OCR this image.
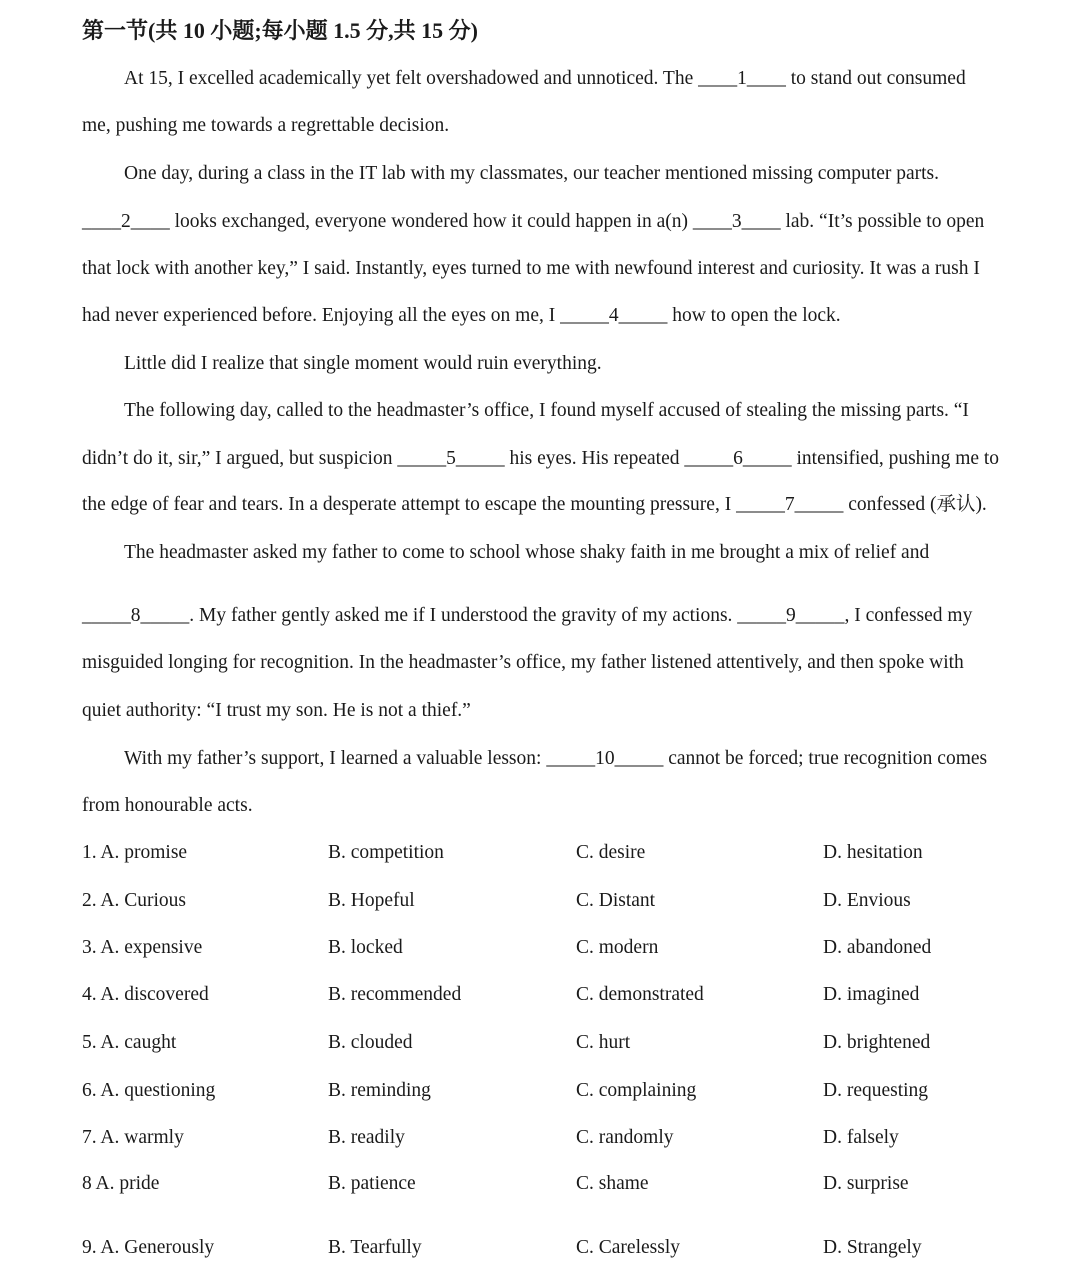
第一节(共 10 小题;每小题 1.5 分,共 15 分)
At 15, I excelled academically yet felt overshadowed and unnoticed. The ____1____ to stand out consumed
me, pushing me towards a regrettable decision.
One day, during a class in the IT lab with my classmates, our teacher mentioned missing computer parts.
____2____ looks exchanged, everyone wondered how it could happen in a(n) ____3____ lab. “It’s possible to open
that lock with another key,” I said. Instantly, eyes turned to me with newfound interest and curiosity. It was a rush I
had never experienced before. Enjoying all the eyes on me, I _____4_____ how to open the lock.
Little did I realize that single moment would ruin everything.
The following day, called to the headmaster’s office, I found myself accused of stealing the missing parts. “I
didn’t do it, sir,” I argued, but suspicion _____5_____ his eyes. His repeated _____6_____ intensified, pushing me to
the edge of fear and tears. In a desperate attempt to escape the mounting pressure, I _____7_____ confessed (承认).
The headmaster asked my father to come to school whose shaky faith in me brought a mix of relief and
_____8_____. My father gently asked me if I understood the gravity of my actions. _____9_____, I confessed my
misguided longing for recognition. In the headmaster’s office, my father listened attentively, and then spoke with
quiet authority: “I trust my son. He is not a thief.”
With my father’s support, I learned a valuable lesson: _____10_____ cannot be forced; true recognition comes
from honourable acts.
1. A. promise	B. competition	C. desire	D. hesitation
2. A. Curious	B. Hopeful	C. Distant	D. Envious
3. A. expensive	B. locked	C. modern	D. abandoned
4. A. discovered	B. recommended	C. demonstrated	D. imagined
5. A. caught	B. clouded	C. hurt	D. brightened
6. A. questioning	B. reminding	C. complaining	D. requesting
7. A. warmly	B. readily	C. randomly	D. falsely
8 A. pride	B. patience	C. shame	D. surprise
9. A. Generously	B. Tearfully	C. Carelessly	D. Strangely
